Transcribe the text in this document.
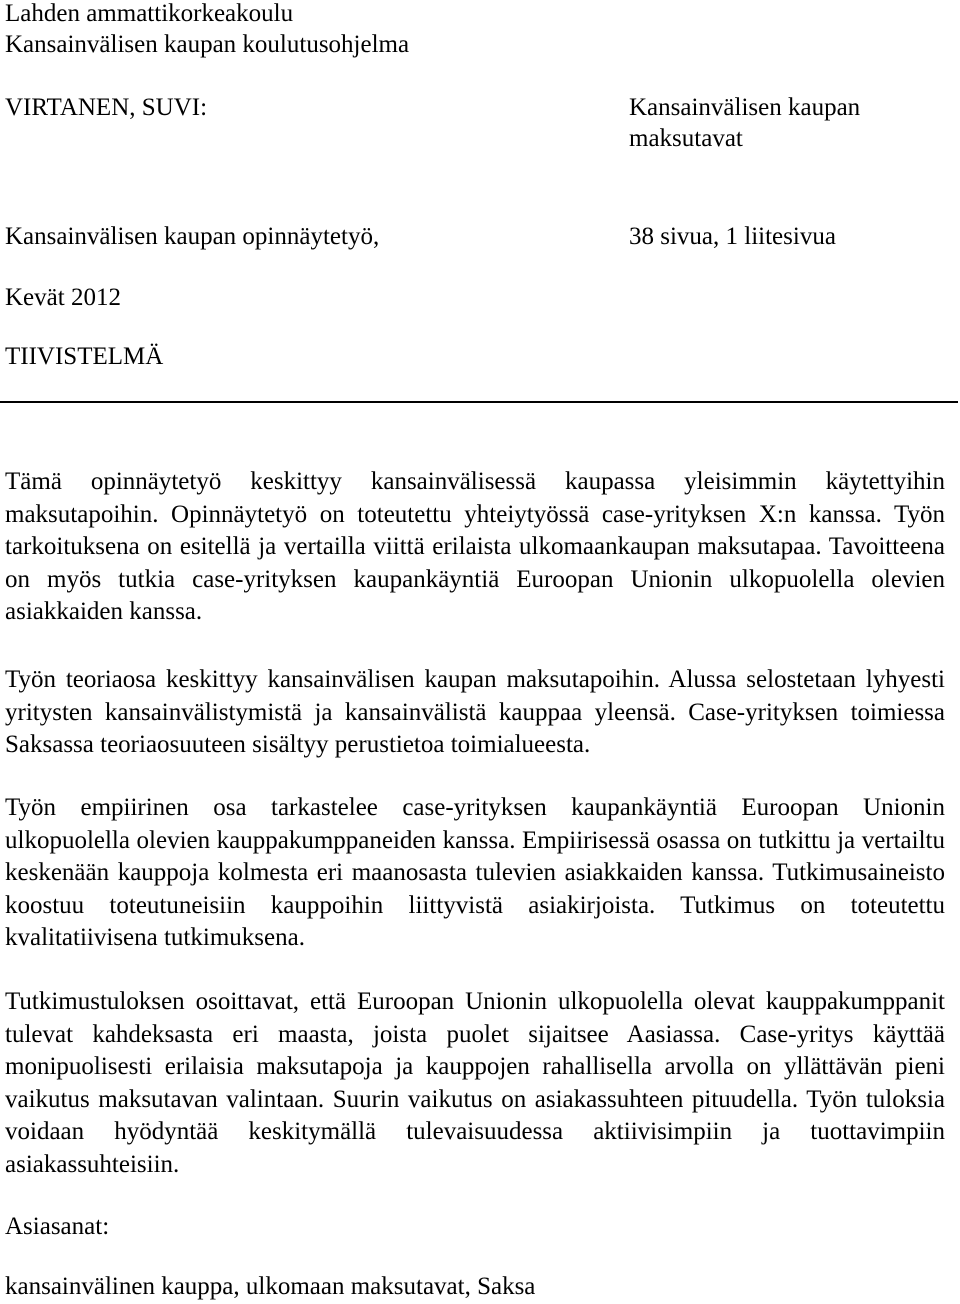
Lahden ammattikorkeakoulu
Kansainvälisen kaupan koulutusohjelma
VIRTANEN, SUVI:	Kansainvälisen kaupan
maksutavat
Kansainvälisen kaupan opinnäytetyö,	38 sivua, 1 liitesivua
Kevät 2012
TIIVISTELMÄ

Tämä opinnäytetyö keskittyy kansainvälisessä kaupassa yleisimmin käytettyihin maksutapoihin. Opinnäytetyö on toteutettu yhteiytyössä case-yrityksen X:n kanssa. Työn tarkoituksena on esitellä ja vertailla viittä erilaista ulkomaankaupan maksutapaa. Tavoitteena on myös tutkia case-yrityksen kaupankäyntiä Euroopan Unionin ulkopuolella olevien asiakkaiden kanssa.

Työn teoriaosa keskittyy kansainvälisen kaupan maksutapoihin. Alussa selostetaan lyhyesti yritysten kansainvälistymistä ja kansainvälistä kauppaa yleensä. Case-yrityksen toimiessa Saksassa teoriaosuuteen sisältyy perustietoa toimialueesta.

Työn empiirinen osa tarkastelee case-yrityksen kaupankäyntiä Euroopan Unionin ulkopuolella olevien kauppakumppaneiden kanssa. Empiirisessä osassa on tutkittu ja vertailtu keskenään kauppoja kolmesta eri maanosasta tulevien asiakkaiden kanssa. Tutkimusaineisto koostuu toteutuneisiin kauppoihin liittyvistä asiakirjoista. Tutkimus on toteutettu kvalitatiivisena tutkimuksena.

Tutkimustuloksen osoittavat, että Euroopan Unionin ulkopuolella olevat kauppakumppanit tulevat kahdeksasta eri maasta, joista puolet sijaitsee Aasiassa. Case-yritys käyttää monipuolisesti erilaisia maksutapoja ja kauppojen rahallisella arvolla on yllättävän pieni vaikutus maksutavan valintaan. Suurin vaikutus on asiakassuhteen pituudella. Työn tuloksia voidaan hyödyntää keskitymällä tulevaisuudessa aktiivisimpiin ja tuottavimpiin asiakassuhteisiin.

Asiasanat:
kansainvälinen kauppa, ulkomaan maksutavat, Saksa
